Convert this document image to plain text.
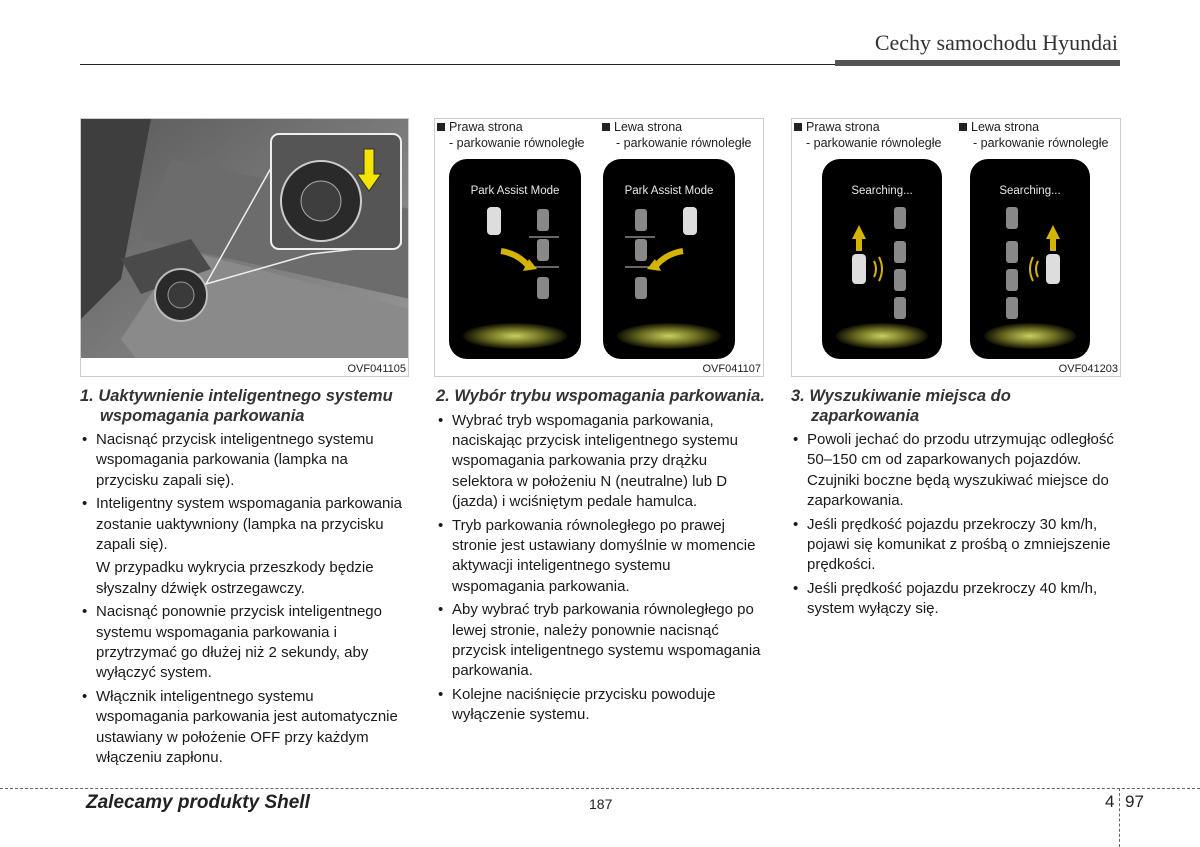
Cechy samochodu Hyundai
OVF041105
Prawa strona
- parkowanie równoległe
Lewa strona
- parkowanie równoległe
Park Assist Mode	Park Assist Mode
OVF041107
Prawa strona
- parkowanie równoległe
Lewa strona
- parkowanie równoległe
Searching...	Searching...
OVF041203
1. Uaktywnienie inteligentnego systemu wspomagania parkowania
• Nacisnąć przycisk inteligentnego systemu wspomagania parkowania (lampka na przycisku zapali się).
• Inteligentny system wspomagania parkowania zostanie uaktywniony (lampka na przycisku zapali się).

W przypadku wykrycia przeszkody będzie słyszalny dźwięk ostrzegawczy.

• Nacisnąć ponownie przycisk inteligentnego systemu wspomagania parkowania i przytrzymać go dłużej niż 2 sekundy, aby wyłączyć system.
• Włącznik inteligentnego systemu wspomagania parkowania jest automatycznie ustawiany w położenie OFF przy każdym włączeniu zapłonu.
2. Wybór trybu wspomagania parkowania.
• Wybrać tryb wspomagania parkowania, naciskając przycisk inteligentnego systemu wspomagania parkowania przy drążku selektora w położeniu N (neutralne) lub D (jazda) i wciśniętym pedale hamulca.
• Tryb parkowania równoległego po prawej stronie jest ustawiany domyślnie w momencie aktywacji inteligentnego systemu wspomagania parkowania.
• Aby wybrać tryb parkowania równoległego po lewej stronie, należy ponownie nacisnąć przycisk inteligentnego systemu wspomagania parkowania.
• Kolejne naciśnięcie przycisku powoduje wyłączenie systemu.
3. Wyszukiwanie miejsca do zaparkowania
• Powoli jechać do przodu utrzymując odległość 50–150 cm od zaparkowanych pojazdów. Czujniki boczne będą wyszukiwać miejsce do zaparkowania.
• Jeśli prędkość pojazdu przekroczy 30 km/h, pojawi się komunikat z prośbą o zmniejszenie prędkości.
• Jeśli prędkość pojazdu przekroczy 40 km/h, system wyłączy się.
Zalecamy produkty Shell	187	4 97
